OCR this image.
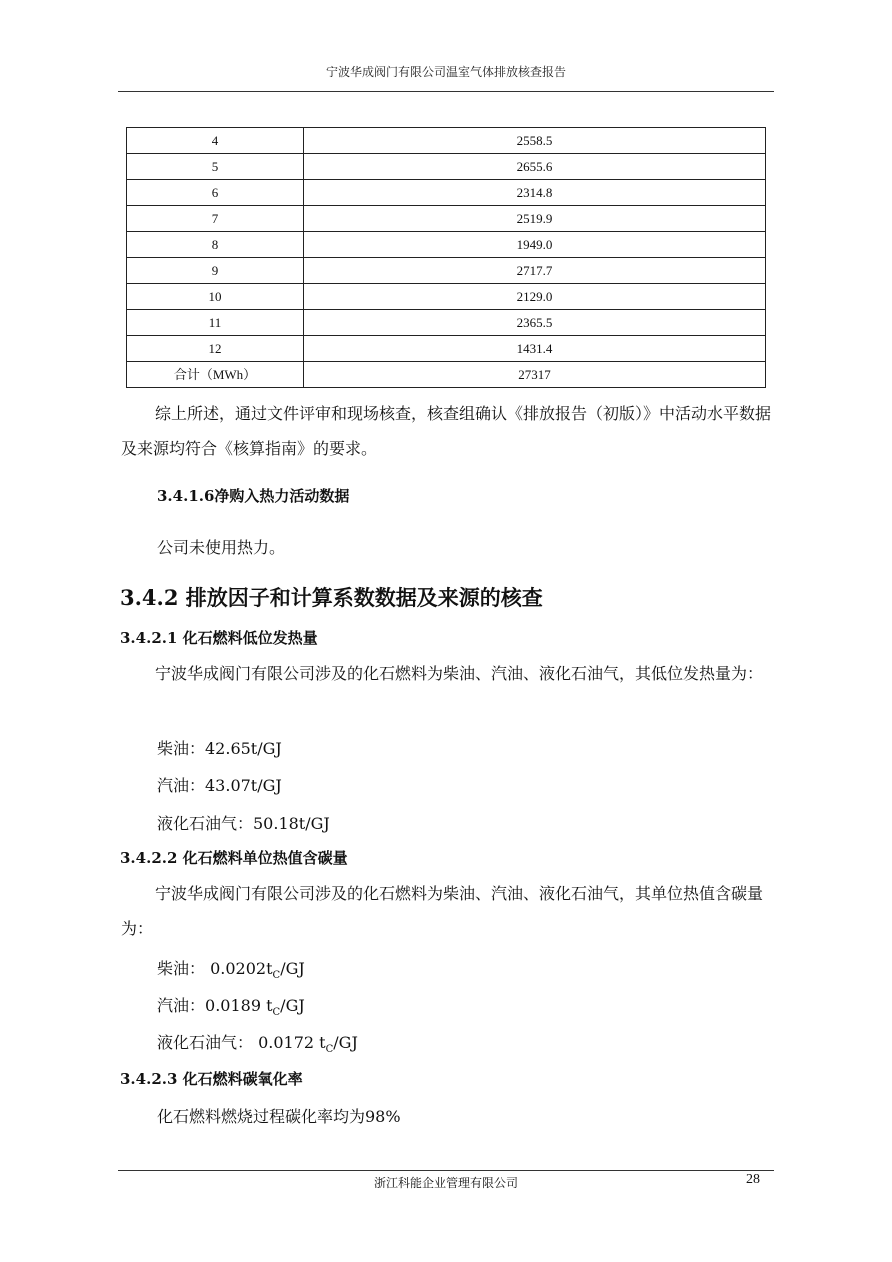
宁波华成阀门有限公司温室气体排放核查报告
4	2558.5
5	2655.6
6	2314.8
7	2519.9
8	1949.0
9	2717.7
10	2129.0
11	2365.5
12	1431.4
合计（MWh）	27317
综上所述，通过文件评审和现场核查，核查组确认《排放报告（初版）》中活动水平数据及来源均符合《核算指南》的要求。
3.4.1.6净购入热力活动数据
公司未使用热力。
3.4.2 排放因子和计算系数数据及来源的核查
3.4.2.1 化石燃料低位发热量
宁波华成阀门有限公司涉及的化石燃料为柴油、汽油、液化石油气，其低位发热量为：
柴油：42.65t/GJ
汽油：43.07t/GJ
液化石油气：50.18t/GJ
3.4.2.2 化石燃料单位热值含碳量
宁波华成阀门有限公司涉及的化石燃料为柴油、汽油、液化石油气，其单位热值含碳量为：
柴油： $0.0202t_C/GJ$
汽油：0.0189 $t_C/GJ$
液化石油气： 0.0172 $t_C/GJ$
3.4.2.3 化石燃料碳氧化率
化石燃料燃烧过程碳化率均为98%
浙江科能企业管理有限公司	28
